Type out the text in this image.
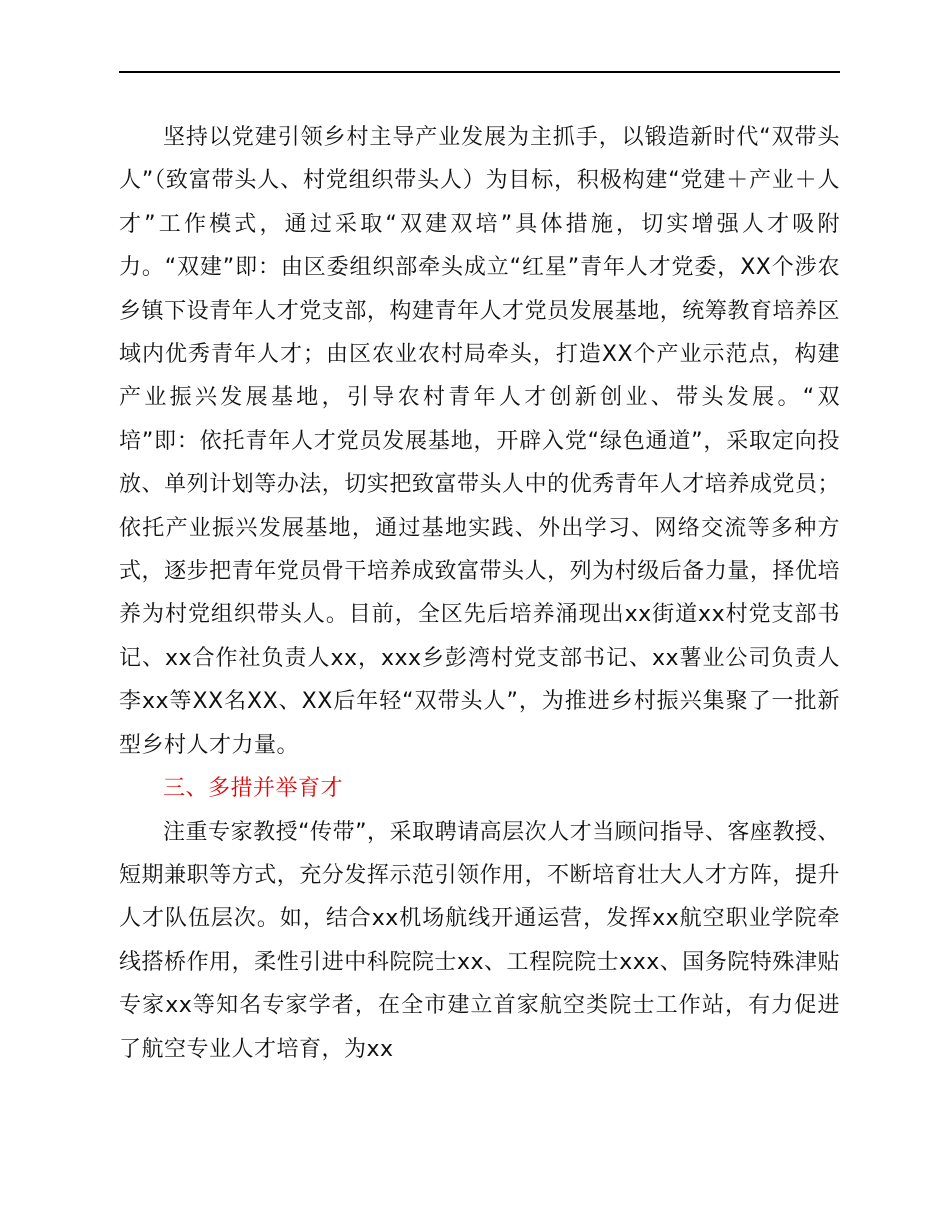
坚持以党建引领乡村主导产业发展为主抓手，以锻造新时代“双带头人”（致富带头人、村党组织带头人）为目标，积极构建“党建＋产业＋人才”工作模式，通过采取“双建双培”具体措施，切实增强人才吸附力。“双建”即：由区委组织部牵头成立“红星”青年人才党委，XX个涉农乡镇下设青年人才党支部，构建青年人才党员发展基地，统筹教育培养区域内优秀青年人才；由区农业农村局牵头，打造XX个产业示范点，构建产业振兴发展基地，引导农村青年人才创新创业、带头发展。“双培”即：依托青年人才党员发展基地，开辟入党“绿色通道”，采取定向投放、单列计划等办法，切实把致富带头人中的优秀青年人才培养成党员；依托产业振兴发展基地，通过基地实践、外出学习、网络交流等多种方式，逐步把青年党员骨干培养成致富带头人，列为村级后备力量，择优培养为村党组织带头人。目前，全区先后培养涌现出xx街道xx村党支部书记、xx合作社负责人xx，xxx乡彭湾村党支部书记、xx薯业公司负责人李xx等XX名XX、XX后年轻“双带头人”，为推进乡村振兴集聚了一批新型乡村人才力量。

三、多措并举育才

注重专家教授“传带”，采取聘请高层次人才当顾问指导、客座教授、短期兼职等方式，充分发挥示范引领作用，不断培育壮大人才方阵，提升人才队伍层次。如，结合xx机场航线开通运营，发挥xx航空职业学院牵线搭桥作用，柔性引进中科院院士xx、工程院院士xxx、国务院特殊津贴专家xx等知名专家学者，在全市建立首家航空类院士工作站，有力促进了航空专业人才培育，为xx
